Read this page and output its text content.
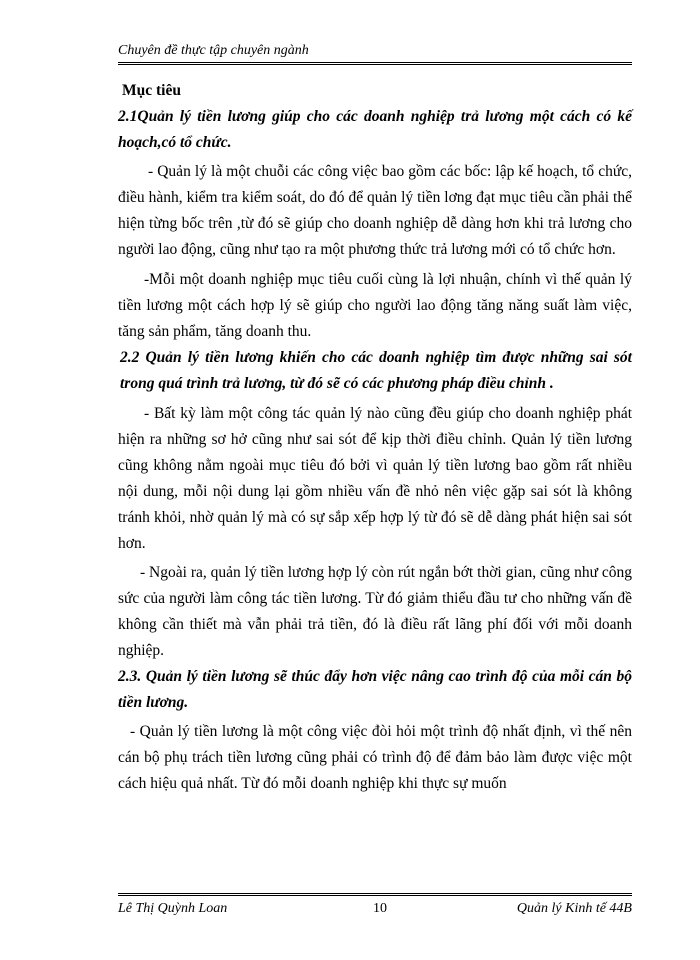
Chuyên đề thực tập chuyên ngành

Mục tiêu

2.1Quản lý tiền lương giúp cho các doanh nghiệp trả lương một cách có kế hoạch,có tổ chức.

- Quản lý là một chuỗi các công việc bao gồm các bốc: lập kế hoạch, tổ chức, điều hành, kiểm tra kiểm soát, do đó để quản lý tiền lơng đạt mục tiêu cần phải thể hiện từng bốc trên ,từ đó sẽ giúp cho doanh nghiệp dễ dàng hơn khi trả lương cho người lao động, cũng như tạo ra một phương thức trả lương mới có tổ chức hơn.

-Mỗi một doanh nghiệp mục tiêu cuối cùng là lợi nhuận, chính vì thế quản lý tiền lương một cách hợp lý sẽ giúp cho người lao động tăng năng suất làm việc, tăng sản phẩm, tăng doanh thu.

2.2 Quản lý tiền lương khiến cho các doanh nghiệp tìm được những sai sót trong quá trình trả lương, từ đó sẽ có các phương pháp điều chỉnh .

- Bất kỳ làm một công tác quản lý nào cũng đều giúp cho doanh nghiệp phát hiện ra những sơ hở cũng như sai sót để kịp thời điều chỉnh. Quản lý tiền lương cũng không nằm ngoài mục tiêu đó bởi vì quản lý tiền lương bao gồm rất nhiều nội dung, mỗi nội dung lại gồm nhiều vấn đề nhỏ nên việc gặp sai sót là không tránh khỏi, nhờ quản lý mà có sự sắp xếp hợp lý từ đó sẽ dễ dàng phát hiện sai sót hơn.

- Ngoài ra, quản lý tiền lương hợp lý còn rút ngắn bớt thời gian, cũng như công sức của người làm công tác tiền lương. Từ đó giảm thiểu đầu tư cho những vấn đề không cần thiết mà vẫn phải trả tiền, đó là điều rất lãng phí đối với mỗi doanh nghiệp.

2.3. Quản lý tiền lương sẽ thúc đẩy hơn việc nâng cao trình độ của mỗi cán bộ tiền lương.

- Quản lý tiền lương là một công việc đòi hỏi một trình độ nhất định, vì thế nên cán bộ phụ trách tiền lương cũng phải có trình độ để đảm bảo làm được việc một cách hiệu quả nhất. Từ đó mỗi doanh nghiệp khi thực sự muốn

Lê Thị Quỳnh Loan	10	Quản lý Kinh tế 44B
